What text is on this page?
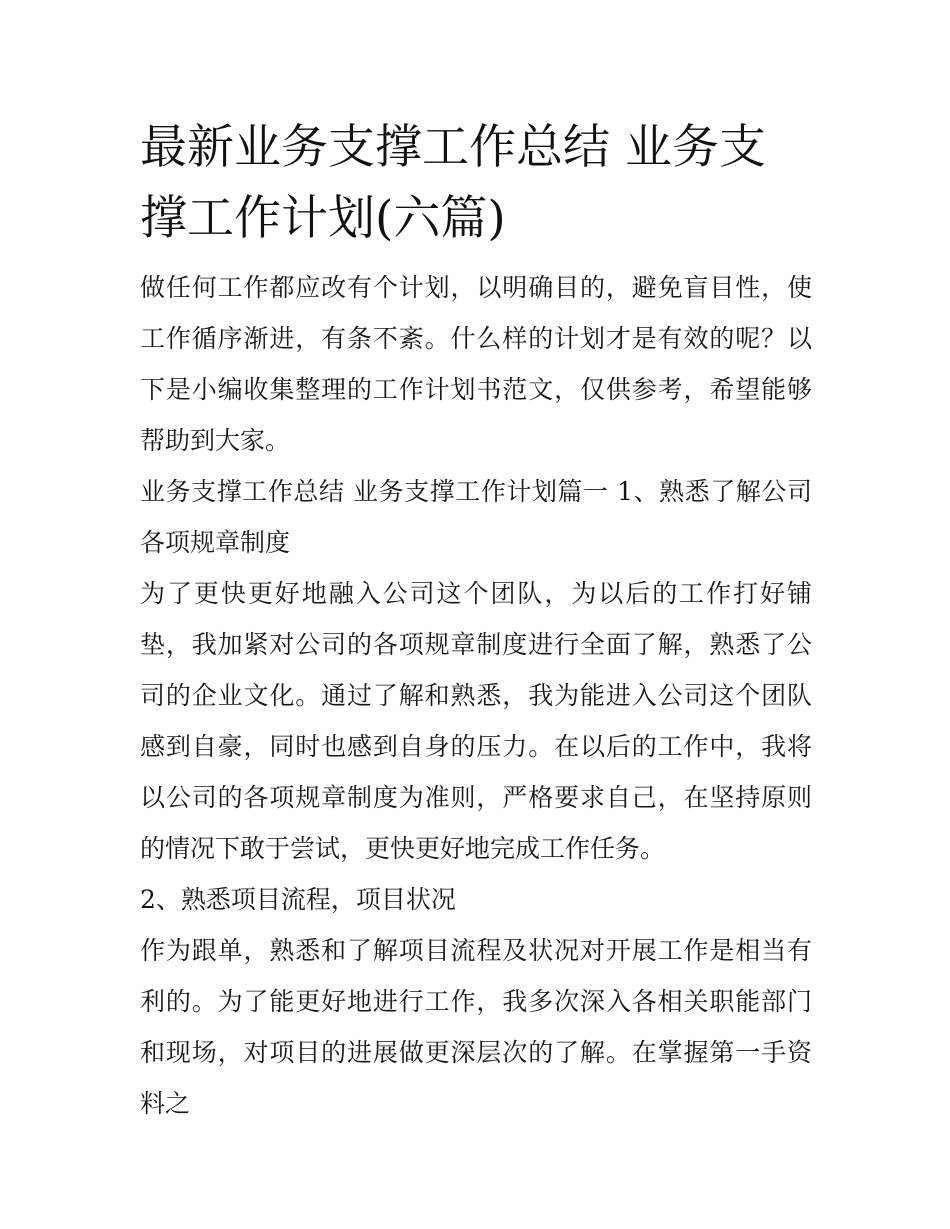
最新业务支撑工作总结 业务支撑工作计划(六篇)

做任何工作都应改有个计划，以明确目的，避免盲目性，使工作循序渐进，有条不紊。什么样的计划才是有效的呢？以下是小编收集整理的工作计划书范文，仅供参考，希望能够帮助到大家。

业务支撑工作总结 业务支撑工作计划篇一 1、熟悉了解公司各项规章制度

为了更快更好地融入公司这个团队，为以后的工作打好铺垫，我加紧对公司的各项规章制度进行全面了解，熟悉了公司的企业文化。通过了解和熟悉，我为能进入公司这个团队感到自豪，同时也感到自身的压力。在以后的工作中，我将以公司的各项规章制度为准则，严格要求自己，在坚持原则的情况下敢于尝试，更快更好地完成工作任务。

2、熟悉项目流程，项目状况

作为跟单，熟悉和了解项目流程及状况对开展工作是相当有利的。为了能更好地进行工作，我多次深入各相关职能部门和现场，对项目的进展做更深层次的了解。在掌握第一手资料之
